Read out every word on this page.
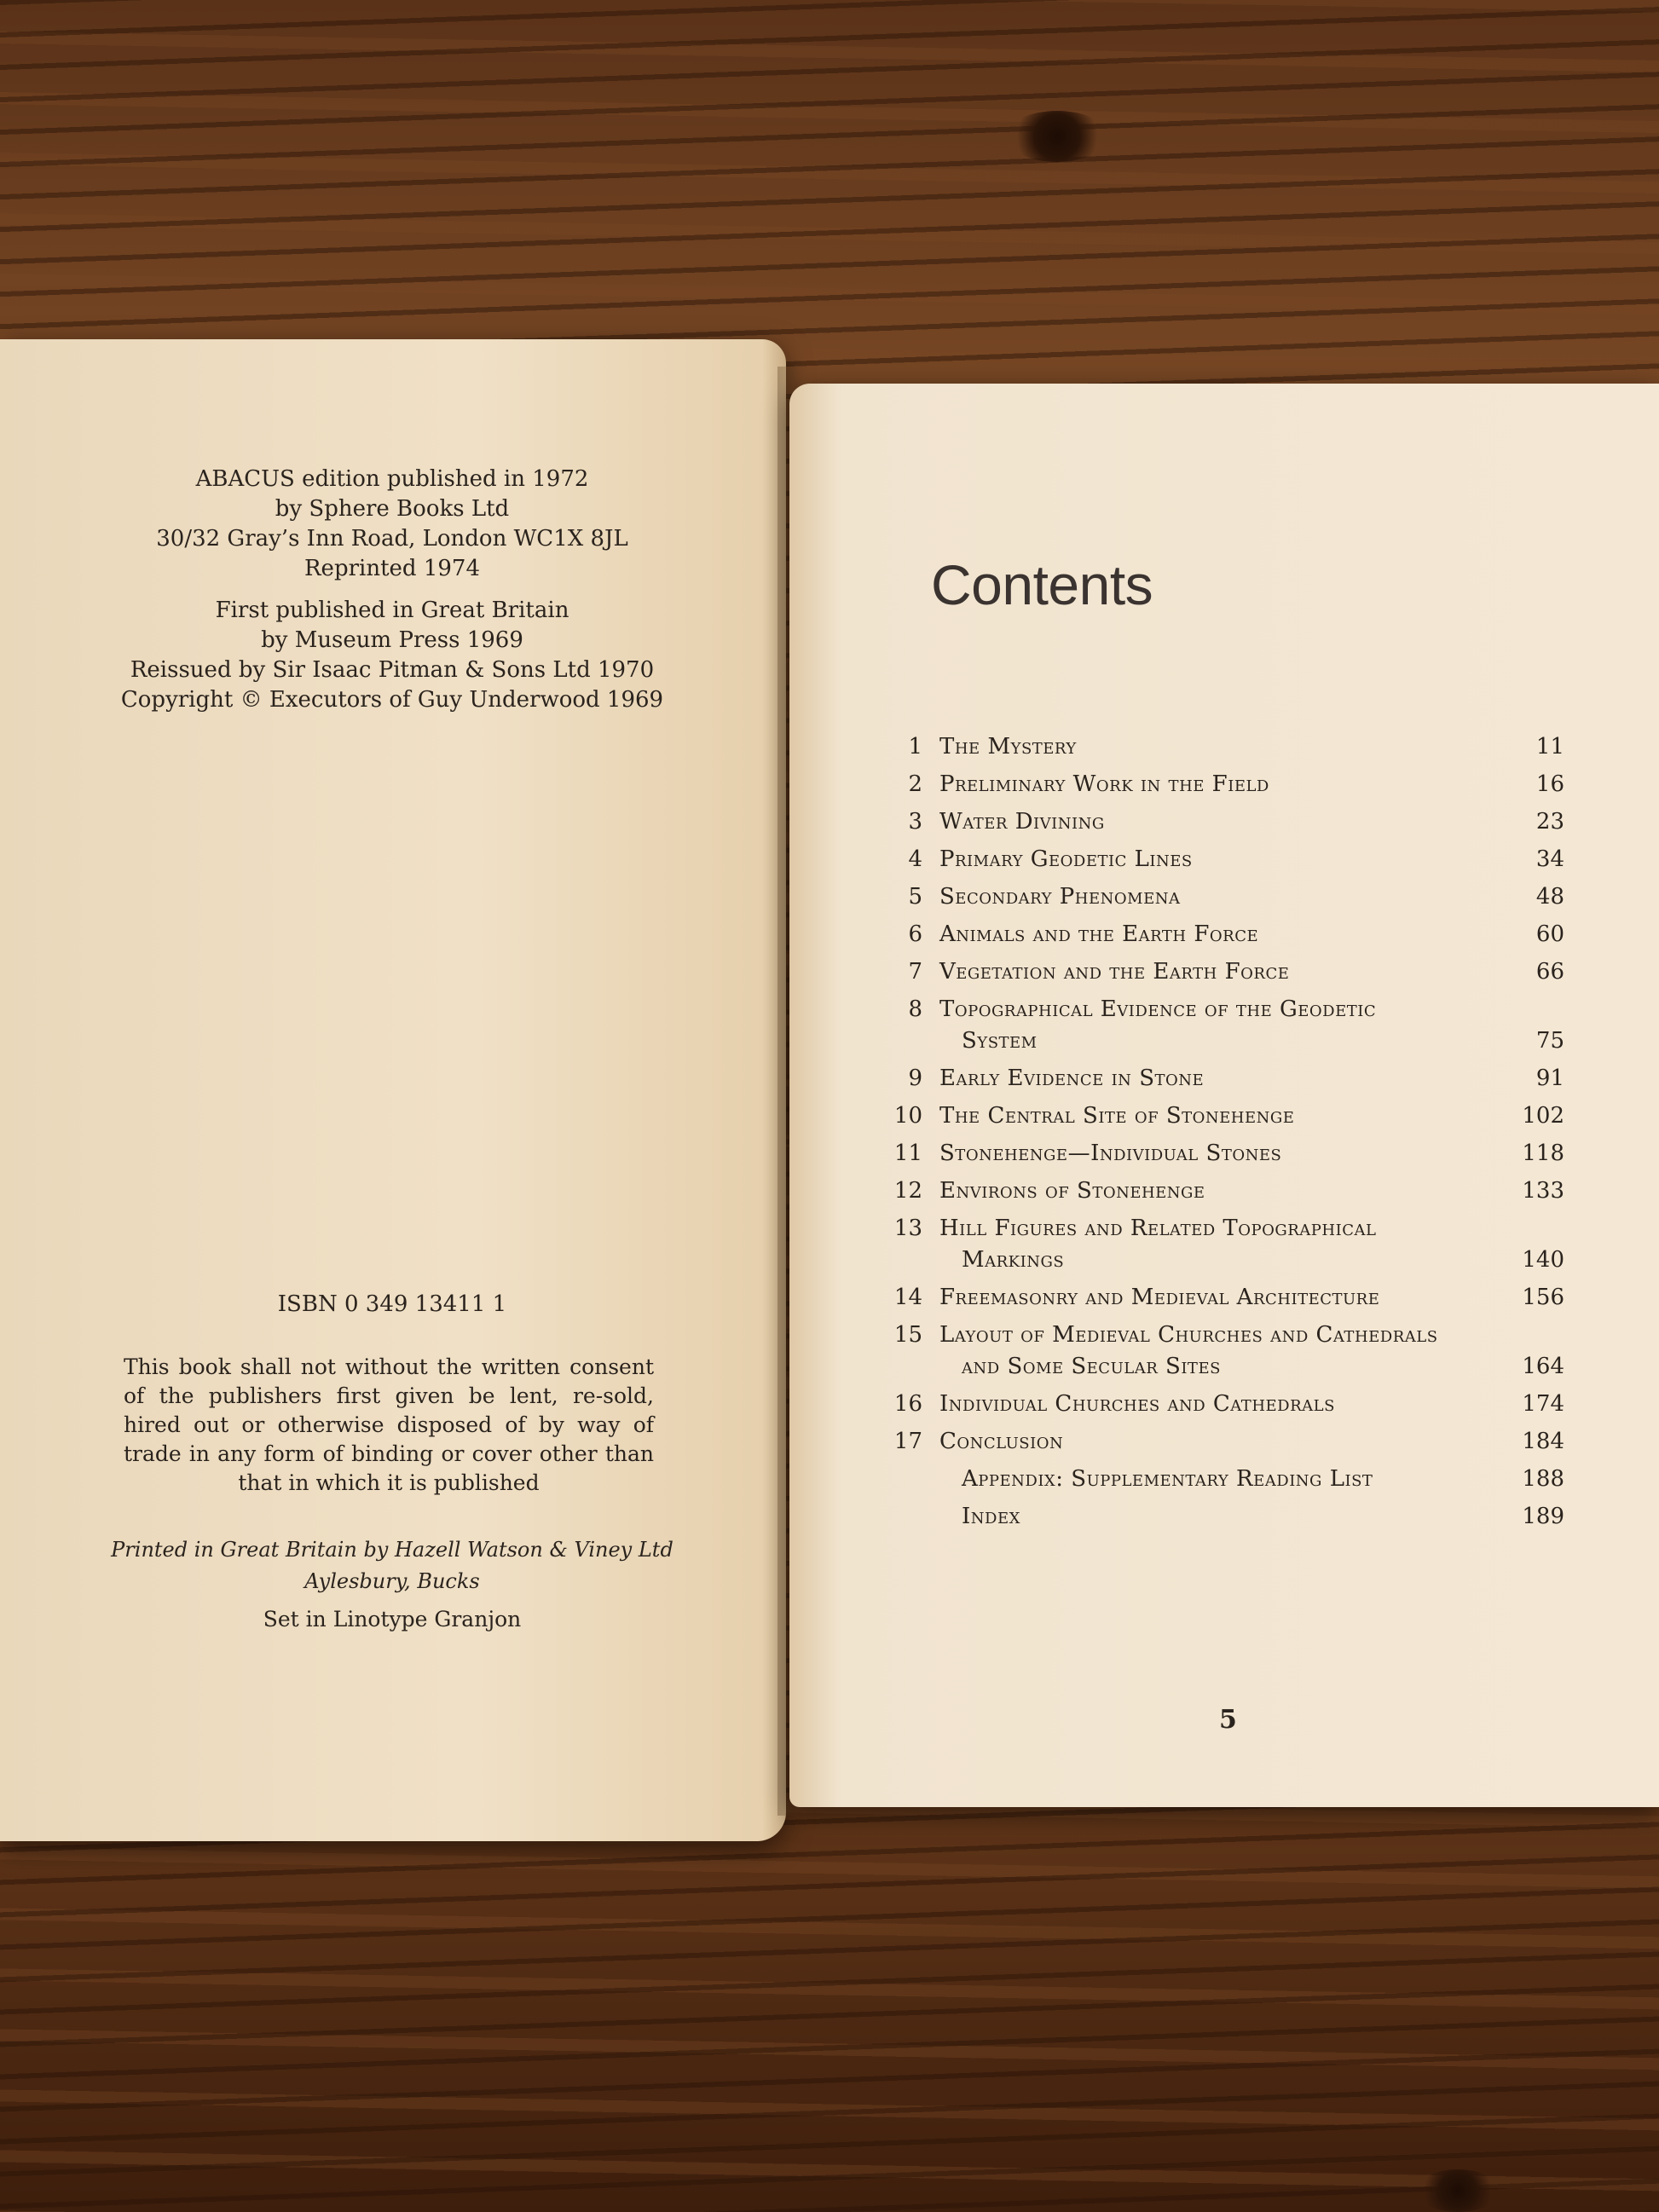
ABACUS edition published in 1972
by Sphere Books Ltd
30/32 Gray’s Inn Road, London WC1X 8JL
Reprinted 1974
First published in Great Britain
by Museum Press 1969
Reissued by Sir Isaac Pitman & Sons Ltd 1970
Copyright © Executors of Guy Underwood 1969
ISBN 0 349 13411 1
This book shall not without the written consent of the publishers first given be lent, re-sold, hired out or otherwise disposed of by way of trade in any form of binding or cover other than that in which it is published
Printed in Great Britain by Hazell Watson & Viney Ltd
Aylesbury, Bucks
Set in Linotype Granjon
Contents
1 The Mystery	11
2 Preliminary Work in the Field	16
3 Water Divining	23
4 Primary Geodetic Lines	34
5 Secondary Phenomena	48
6 Animals and the Earth Force	60
7 Vegetation and the Earth Force	66
8 Topographical Evidence of the Geodetic
System	75
9 Early Evidence in Stone	91
10 The Central Site of Stonehenge	102
11 Stonehenge—Individual Stones	118
12 Environs of Stonehenge	133
13 Hill Figures and Related Topographical
Markings	140
14 Freemasonry and Medieval Architecture	156
15 Layout of Medieval Churches and Cathedrals
and Some Secular Sites	164
16 Individual Churches and Cathedrals	174
17 Conclusion	184
Appendix: Supplementary Reading List	188
Index	189
5
